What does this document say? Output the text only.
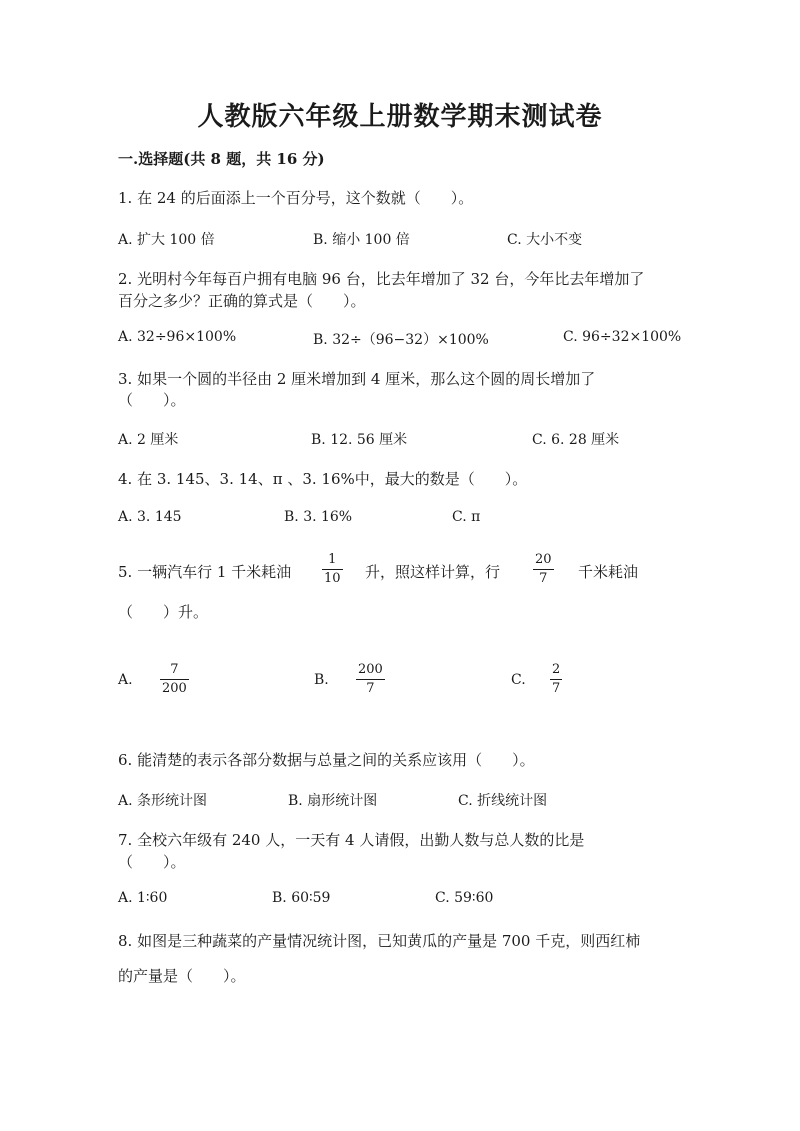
人教版六年级上册数学期末测试卷
一.选择题(共 8 题，共 16 分)
1. 在 24 的后面添上一个百分号，这个数就（　　）。
A. 扩大 100 倍	B. 缩小 100 倍	C. 大小不变
2. 光明村今年每百户拥有电脑 96 台，比去年增加了 32 台，今年比去年增加了
百分之多少？正确的算式是（　　）。
A. 32÷96×100%	B. 32÷（96−32）×100%	C. 96÷32×100%
3. 如果一个圆的半径由 2 厘米增加到 4 厘米，那么这个圆的周长增加了
（　　）。
A. 2 厘米	B. 12. 56 厘米	C. 6. 28 厘米
4. 在 3. 145、3. 14、π 、3. 16%中，最大的数是（　　）。
A. 3. 145	B. 3. 16%	C. π
5. 一辆汽车行 1 千米耗油
1
10 升，照这样计算，行
20
7 千米耗油
（　　）升。
A.
7
200
B.
200
7
C.
2
7
6. 能清楚的表示各部分数据与总量之间的关系应该用（　　）。
A. 条形统计图	B. 扇形统计图	C. 折线统计图
7. 全校六年级有 240 人，一天有 4 人请假，出勤人数与总人数的比是
（　　）。
A. 1∶60	B. 60∶59	C. 59∶60
8. 如图是三种蔬菜的产量情况统计图，已知黄瓜的产量是 700 千克，则西红柿
的产量是（　　）。
